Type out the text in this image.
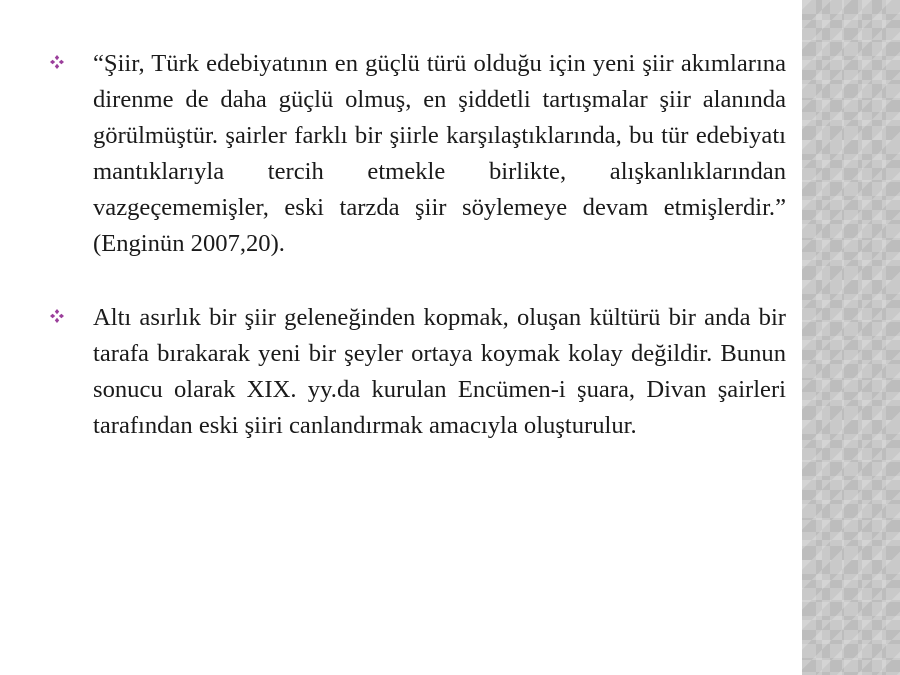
“Şiir, Türk edebiyatının en güçlü türü olduğu için yeni şiir akımlarına direnme de daha güçlü olmuş, en şiddetli tartışmalar şiir alanında görülmüştür. şairler farklı bir şiirle karşılaştıklarında, bu tür edebiyatı mantıklarıyla tercih etmekle birlikte, alışkanlıklarından vazgeçememişler, eski tarzda şiir söylemeye devam etmişlerdir.” (Enginün 2007,20).
Altı asırlık bir şiir geleneğinden kopmak, oluşan kültürü bir anda bir tarafa bırakarak yeni bir şeyler ortaya koymak kolay değildir. Bunun sonucu olarak XIX. yy.da kurulan Encümen-i şuara, Divan şairleri tarafından eski şiiri canlandırmak amacıyla oluşturulur.
